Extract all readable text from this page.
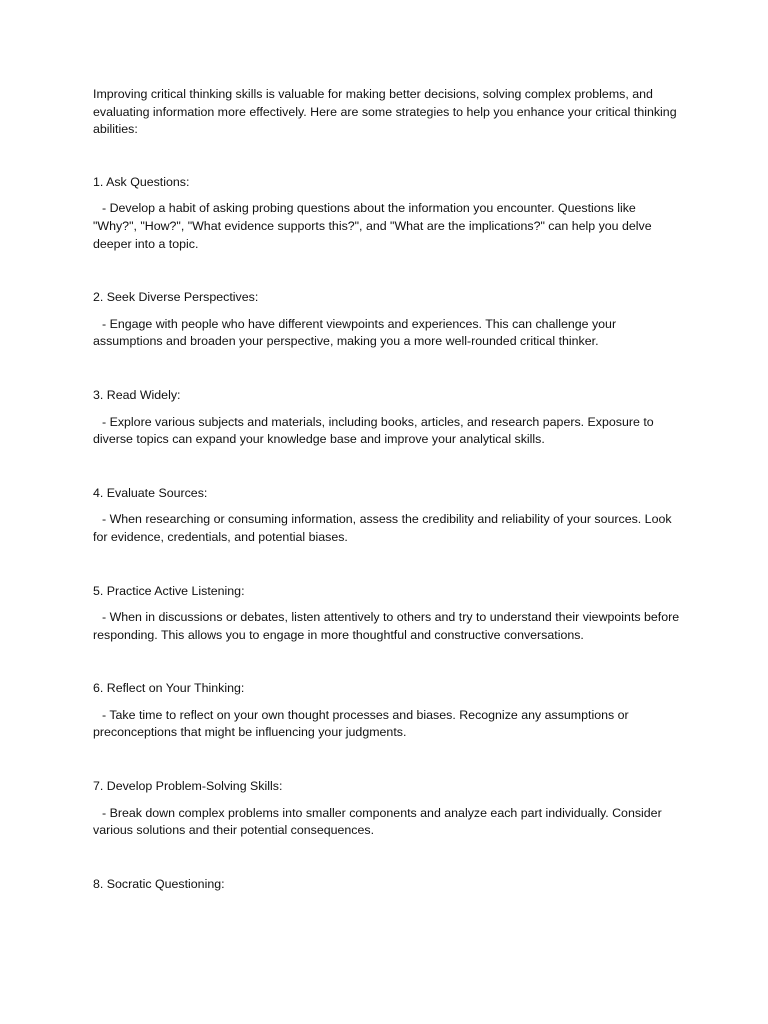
Improving critical thinking skills is valuable for making better decisions, solving complex problems, and evaluating information more effectively. Here are some strategies to help you enhance your critical thinking abilities:

1. Ask Questions:

- Develop a habit of asking probing questions about the information you encounter. Questions like "Why?", "How?", "What evidence supports this?", and "What are the implications?" can help you delve deeper into a topic.

2. Seek Diverse Perspectives:

- Engage with people who have different viewpoints and experiences. This can challenge your assumptions and broaden your perspective, making you a more well-rounded critical thinker.

3. Read Widely:

- Explore various subjects and materials, including books, articles, and research papers. Exposure to diverse topics can expand your knowledge base and improve your analytical skills.

4. Evaluate Sources:

- When researching or consuming information, assess the credibility and reliability of your sources. Look for evidence, credentials, and potential biases.

5. Practice Active Listening:

- When in discussions or debates, listen attentively to others and try to understand their viewpoints before responding. This allows you to engage in more thoughtful and constructive conversations.

6. Reflect on Your Thinking:

- Take time to reflect on your own thought processes and biases. Recognize any assumptions or preconceptions that might be influencing your judgments.

7. Develop Problem-Solving Skills:

- Break down complex problems into smaller components and analyze each part individually. Consider various solutions and their potential consequences.

8. Socratic Questioning:
